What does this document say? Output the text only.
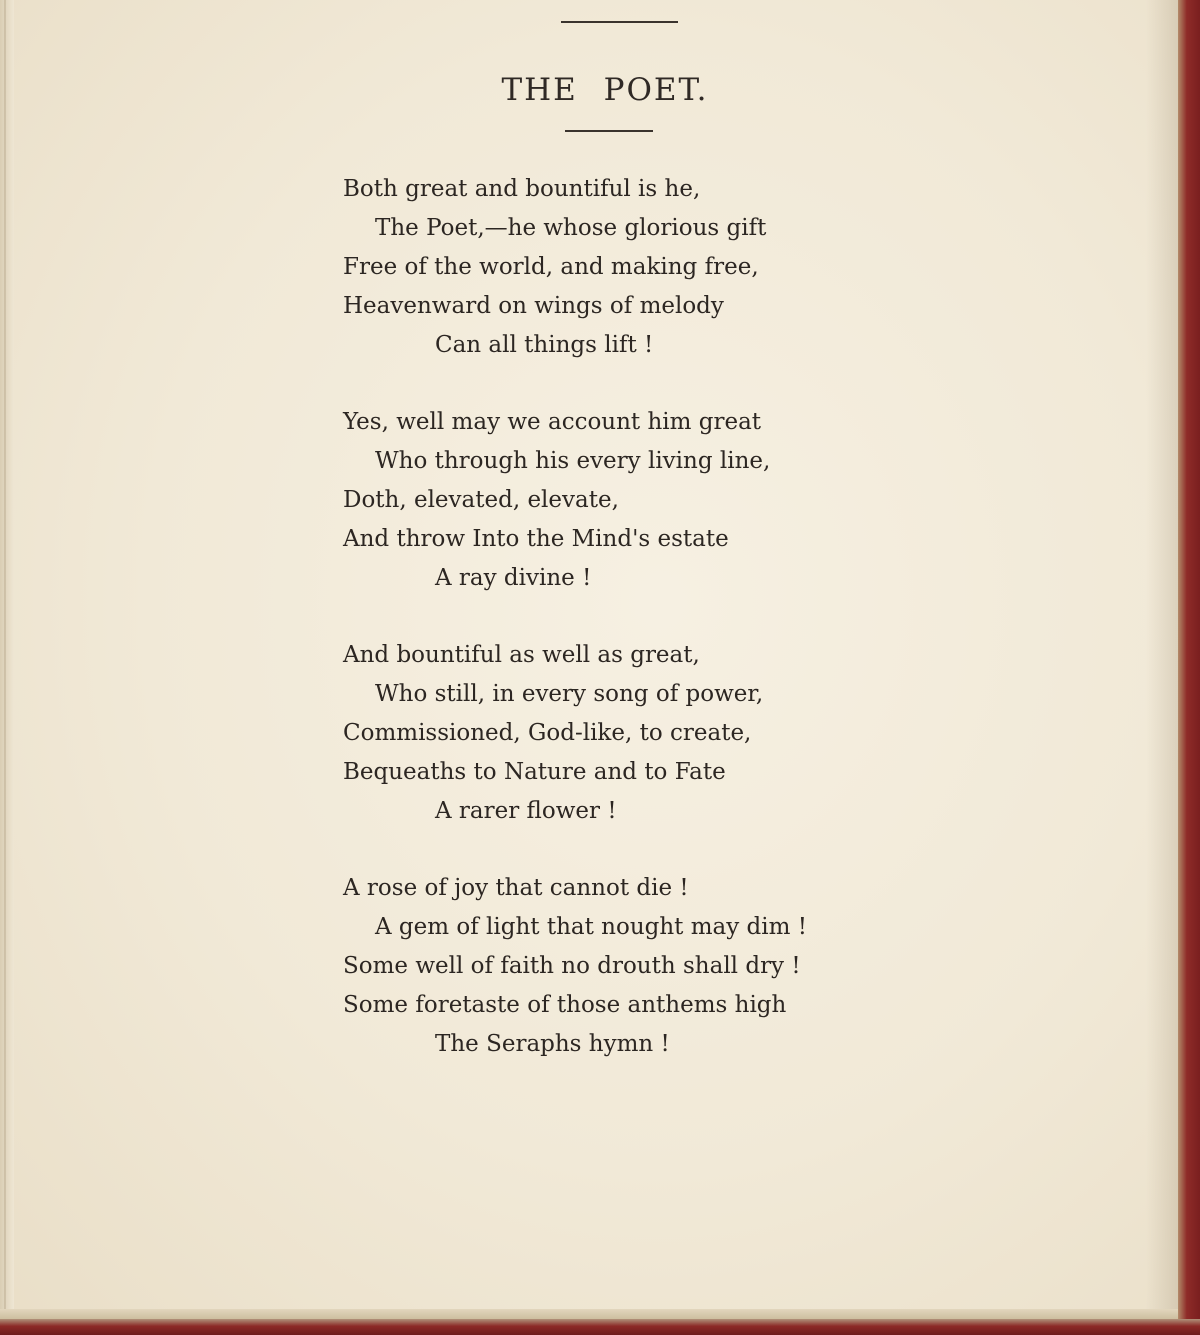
THE POET.
Both great and bountiful is he,
The Poet,—he whose glorious gift
Free of the world, and making free,
Heavenward on wings of melody
Can all things lift !
Yes, well may we account him great
Who through his every living line,
Doth, elevated, elevate,
And throw Into the Mind's estate
A ray divine !
And bountiful as well as great,
Who still, in every song of power,
Commissioned, God-like, to create,
Bequeaths to Nature and to Fate
A rarer flower !
A rose of joy that cannot die !
A gem of light that nought may dim !
Some well of faith no drouth shall dry !
Some foretaste of those anthems high
The Seraphs hymn !
